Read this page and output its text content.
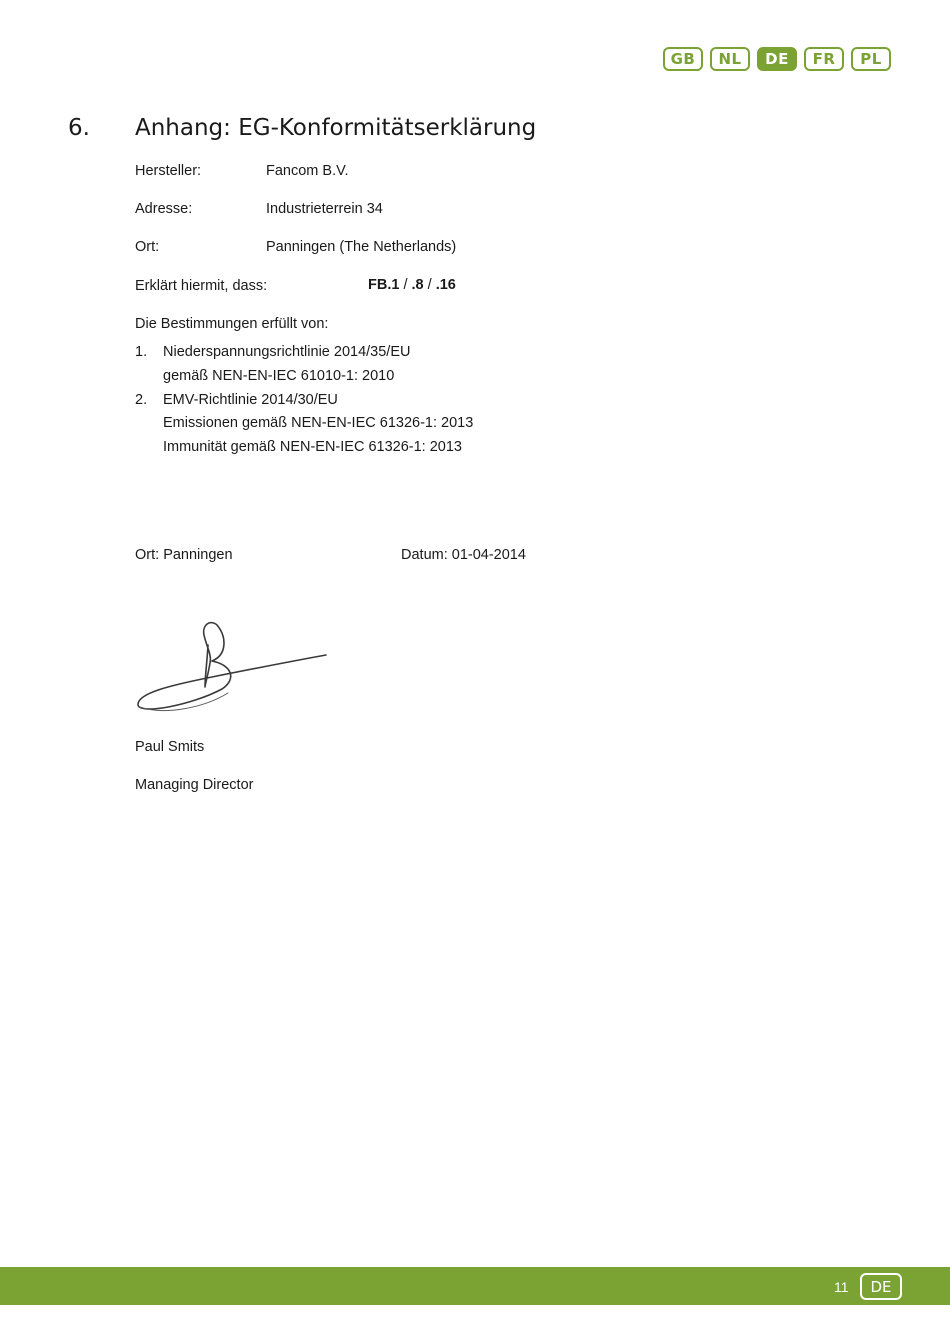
GB	NL	DE	FR	PL
6. Anhang: EG-Konformitätserklärung
Hersteller:	Fancom B.V.
Adresse:	Industrieterrein 34
Ort:	Panningen (The Netherlands)
Erklärt hiermit, dass:	FB.1 / .8 / .16
Die Bestimmungen erfüllt von:
1. Niederspannungsrichtlinie 2014/35/EU
gemäß NEN-EN-IEC 61010-1: 2010
2. EMV-Richtlinie 2014/30/EU
Emissionen gemäß NEN-EN-IEC 61326-1: 2013
Immunität gemäß NEN-EN-IEC 61326-1: 2013
Ort: Panningen	Datum: 01-04-2014
Paul Smits
Managing Director
11	DE
